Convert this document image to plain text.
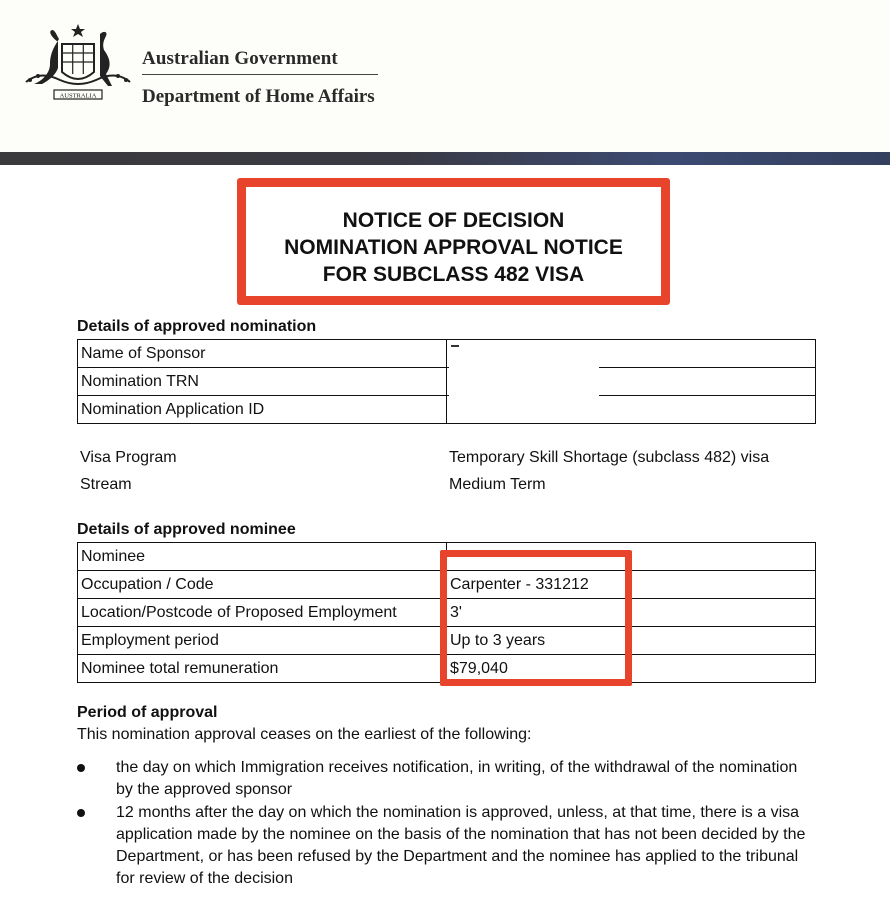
AUSTRALIA
Australian Government
Department of Home Affairs
NOTICE OF DECISION
NOMINATION APPROVAL NOTICE
FOR SUBCLASS 482 VISA
Details of approved nomination
Name of Sponsor	
Nomination TRN	
Nomination Application ID	
Visa Program	Temporary Skill Shortage (subclass 482) visa
Stream	Medium Term
Details of approved nominee
Nominee	
Occupation / Code	Carpenter - 331212
Location/Postcode of Proposed Employment	3'
Employment period	Up to 3 years
Nominee total remuneration	$79,040
Period of approval
This nomination approval ceases on the earliest of the following:
the day on which Immigration receives notification, in writing, of the withdrawal of the nomination by the approved sponsor
12 months after the day on which the nomination is approved, unless, at that time, there is a visa application made by the nominee on the basis of the nomination that has not been decided by the Department, or has been refused by the Department and the nominee has applied to the tribunal for review of the decision
